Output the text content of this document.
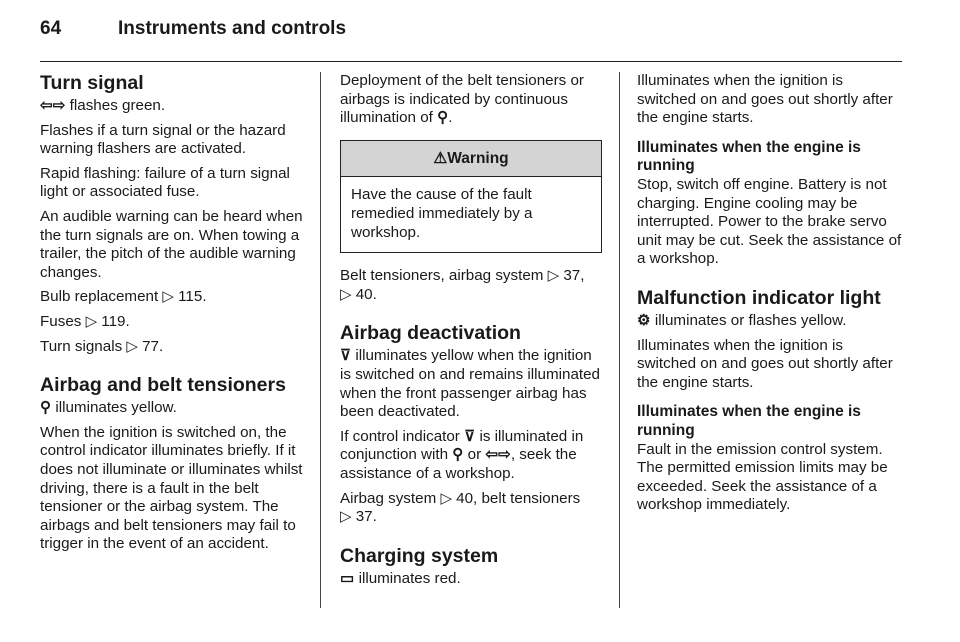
64	Instruments and controls
Turn signal

⇦⇨ flashes green.

Flashes if a turn signal or the hazard warning flashers are activated.

Rapid flashing: failure of a turn signal light or associated fuse.

An audible warning can be heard when the turn signals are on. When towing a trailer, the pitch of the audible warning changes.

Bulb replacement ▷ 115.

Fuses ▷ 119.

Turn signals ▷ 77.

Airbag and belt tensioners

⚲ illuminates yellow.

When the ignition is switched on, the control indicator illuminates briefly. If it does not illuminate or illuminates whilst driving, there is a fault in the belt tensioner or the airbag system. The airbags and belt tensioners may fail to trigger in the event of an accident.

Deployment of the belt tensioners or airbags is indicated by continuous illumination of ⚲.

⚠Warning
Have the cause of the fault remedied immediately by a workshop.

Belt tensioners, airbag system ▷ 37,
▷ 40.

Airbag deactivation

⊽ illuminates yellow when the ignition is switched on and remains illuminated when the front passenger airbag has been deactivated.

If control indicator ⊽ is illuminated in conjunction with ⚲ or ⇦⇨, seek the assistance of a workshop.

Airbag system ▷ 40, belt tensioners
▷ 37.

Charging system

▭ illuminates red.

Illuminates when the ignition is switched on and goes out shortly after the engine starts.

Illuminates when the engine is running

Stop, switch off engine. Battery is not charging. Engine cooling may be interrupted. Power to the brake servo unit may be cut. Seek the assistance of a workshop.

Malfunction indicator light

⚙ illuminates or flashes yellow.

Illuminates when the ignition is switched on and goes out shortly after the engine starts.

Illuminates when the engine is running

Fault in the emission control system. The permitted emission limits may be exceeded. Seek the assistance of a workshop immediately.
